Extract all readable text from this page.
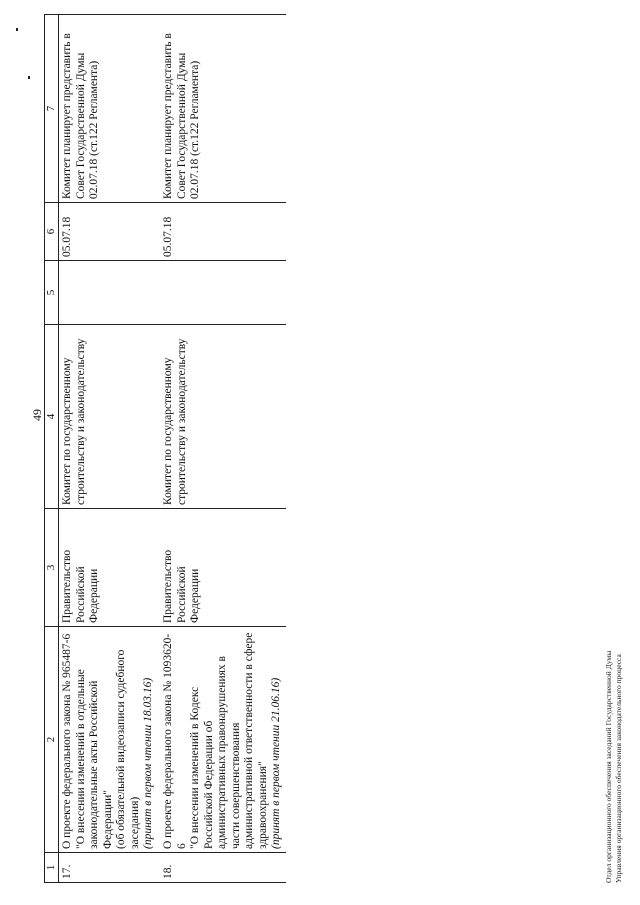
49
1	2	3	4	5	6	7
17.	О проекте федерального закона № 965487-6 "О внесении изменений в отдельные законодательные акты Российской Федерации" (об обязательной видеозаписи судебного заседания) (принят в первом чтении 18.03.16)	Правительство Российской Федерации	Комитет по государственному строительству и законодательству		05.07.18	Комитет планирует представить в Совет Государственной Думы 02.07.18 (ст.122 Регламента)
18.	О проекте федерального закона № 1093620-6 "О внесении изменений в Кодекс Российской Федерации об административных правонарушениях в части совершенствования административной ответственности в сфере здравоохранения" (принят в первом чтении 21.06.16)	Правительство Российской Федерации	Комитет по государственному строительству и законодательству		05.07.18	Комитет планирует представить в Совет Государственной Думы 02.07.18 (ст.122 Регламента)
Отдел организационного обеспечения заседаний Государственной Думы Управления организационного обеспечения законодательного процесса
